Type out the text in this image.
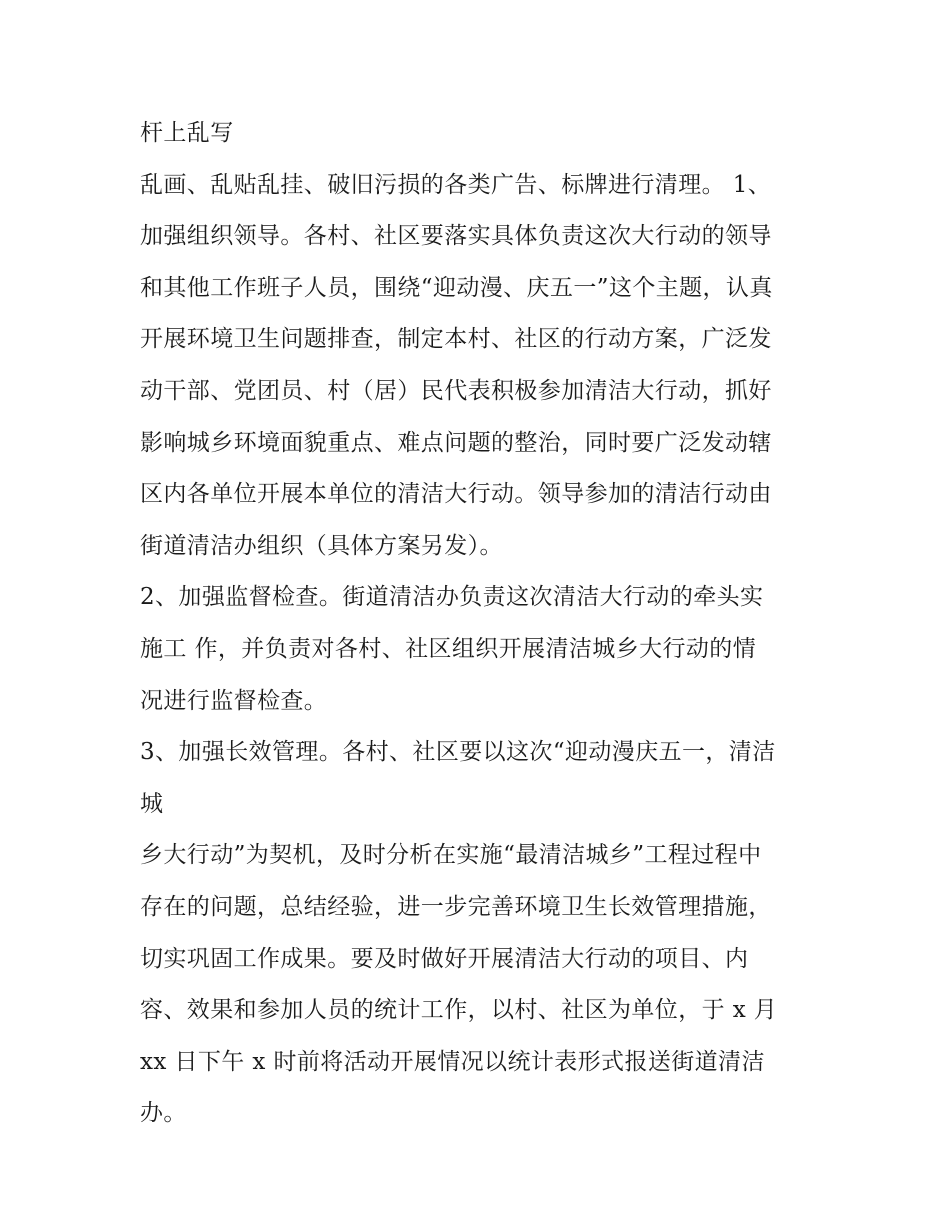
杆上乱写
乱画、乱贴乱挂、破旧污损的各类广告、标牌进行清理。 1、
加强组织领导。各村、社区要落实具体负责这次大行动的领导
和其他工作班子人员，围绕“迎动漫、庆五一”这个主题，认真
开展环境卫生问题排查，制定本村、社区的行动方案，广泛发
动干部、党团员、村（居）民代表积极参加清洁大行动，抓好
影响城乡环境面貌重点、难点问题的整治，同时要广泛发动辖
区内各单位开展本单位的清洁大行动。领导参加的清洁行动由
街道清洁办组织（具体方案另发）。
2、加强监督检查。街道清洁办负责这次清洁大行动的牵头实
施工 作，并负责对各村、社区组织开展清洁城乡大行动的情
况进行监督检查。
3、加强长效管理。各村、社区要以这次“迎动漫庆五一，清洁
城
乡大行动”为契机，及时分析在实施“最清洁城乡”工程过程中
存在的问题，总结经验，进一步完善环境卫生长效管理措施，
切实巩固工作成果。要及时做好开展清洁大行动的项目、内
容、效果和参加人员的统计工作，以村、社区为单位，于 x 月
xx 日下午 x 时前将活动开展情况以统计表形式报送街道清洁
办。
